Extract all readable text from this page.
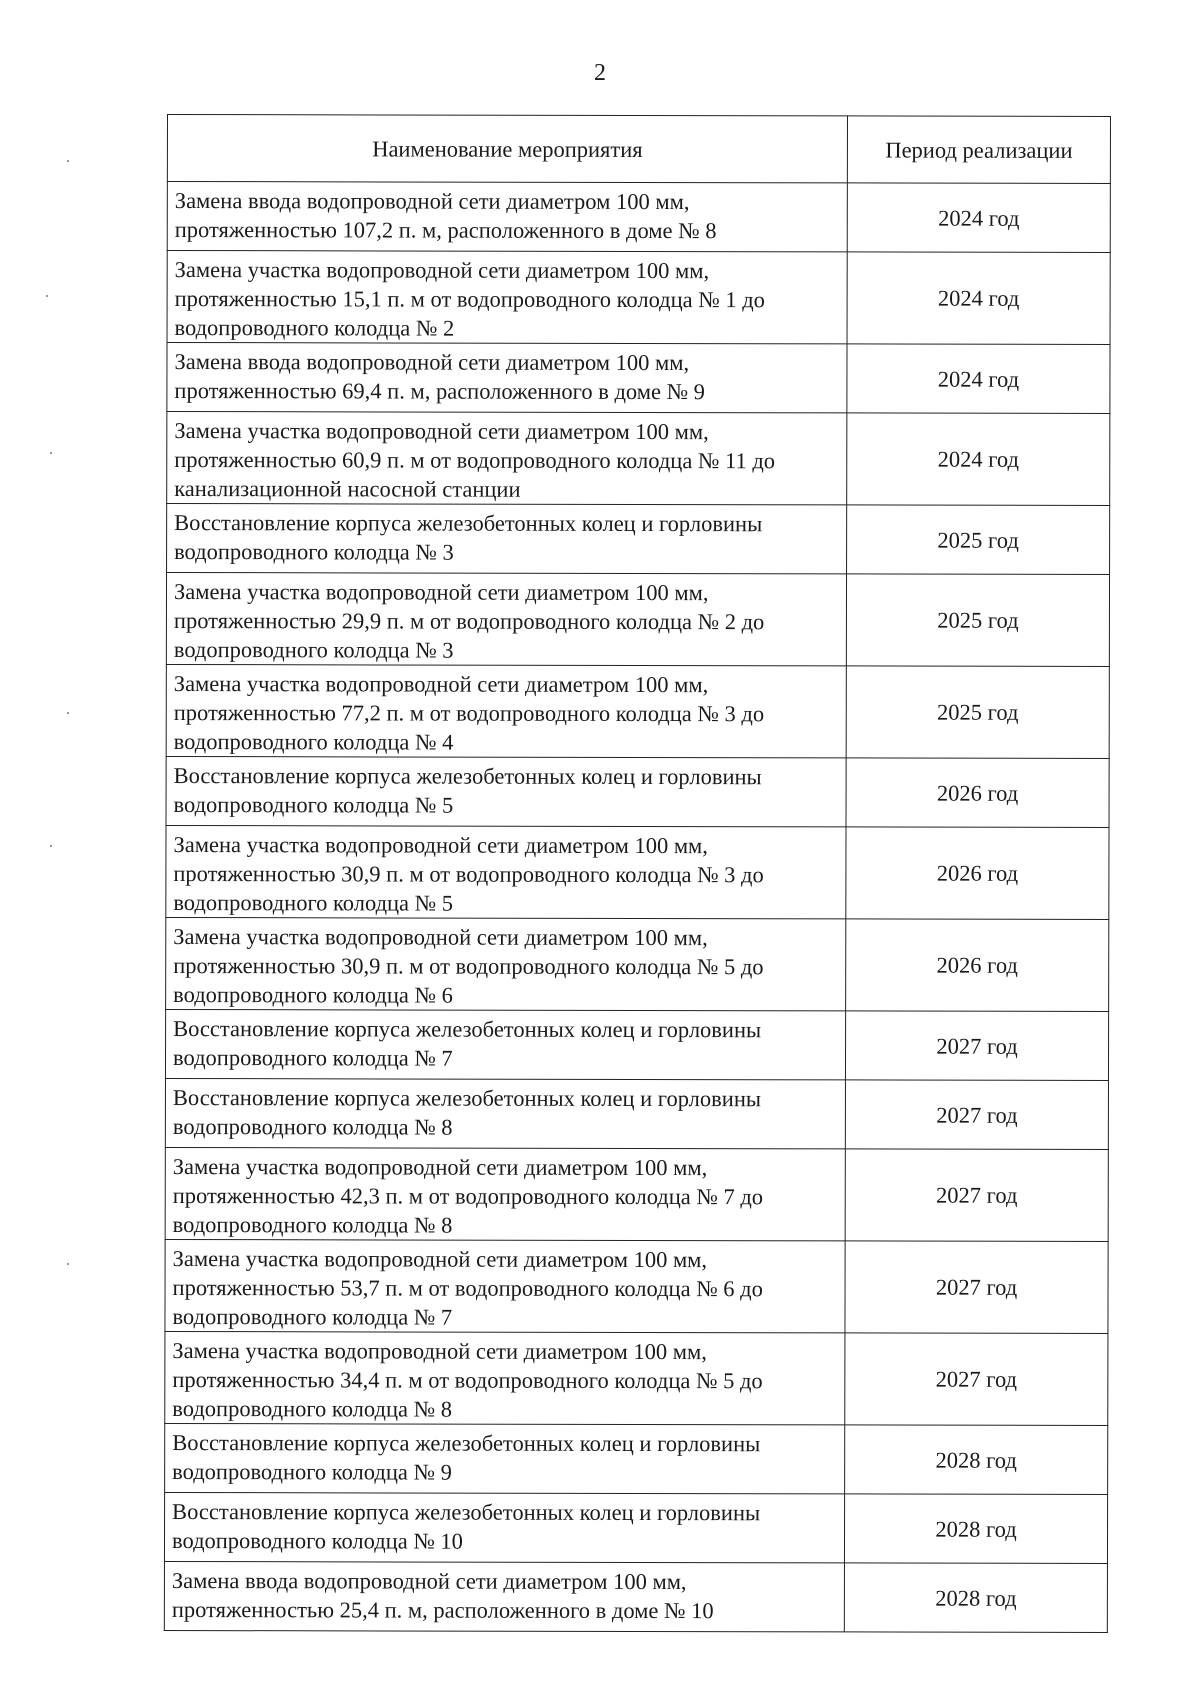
2
Наименование мероприятия	Период реализации
Замена ввода водопроводной сети диаметром 100 мм, протяженностью 107,2 п. м, расположенного в доме № 8	2024 год
Замена участка водопроводной сети диаметром 100 мм, протяженностью 15,1 п. м от водопроводного колодца № 1 до водопроводного колодца № 2	2024 год
Замена ввода водопроводной сети диаметром 100 мм, протяженностью 69,4 п. м, расположенного в доме № 9	2024 год
Замена участка водопроводной сети диаметром 100 мм, протяженностью 60,9 п. м от водопроводного колодца № 11 до канализационной насосной станции	2024 год
Восстановление корпуса железобетонных колец и горловины водопроводного колодца № 3	2025 год
Замена участка водопроводной сети диаметром 100 мм, протяженностью 29,9 п. м от водопроводного колодца № 2 до водопроводного колодца № 3	2025 год
Замена участка водопроводной сети диаметром 100 мм, протяженностью 77,2 п. м от водопроводного колодца № 3 до водопроводного колодца № 4	2025 год
Восстановление корпуса железобетонных колец и горловины водопроводного колодца № 5	2026 год
Замена участка водопроводной сети диаметром 100 мм, протяженностью 30,9 п. м от водопроводного колодца № 3 до водопроводного колодца № 5	2026 год
Замена участка водопроводной сети диаметром 100 мм, протяженностью 30,9 п. м от водопроводного колодца № 5 до водопроводного колодца № 6	2026 год
Восстановление корпуса железобетонных колец и горловины водопроводного колодца № 7	2027 год
Восстановление корпуса железобетонных колец и горловины водопроводного колодца № 8	2027 год
Замена участка водопроводной сети диаметром 100 мм, протяженностью 42,3 п. м от водопроводного колодца № 7 до водопроводного колодца № 8	2027 год
Замена участка водопроводной сети диаметром 100 мм, протяженностью 53,7 п. м от водопроводного колодца № 6 до водопроводного колодца № 7	2027 год
Замена участка водопроводной сети диаметром 100 мм, протяженностью 34,4 п. м от водопроводного колодца № 5 до водопроводного колодца № 8	2027 год
Восстановление корпуса железобетонных колец и горловины водопроводного колодца № 9	2028 год
Восстановление корпуса железобетонных колец и горловины водопроводного колодца № 10	2028 год
Замена ввода водопроводной сети диаметром 100 мм, протяженностью 25,4 п. м, расположенного в доме № 10	2028 год
